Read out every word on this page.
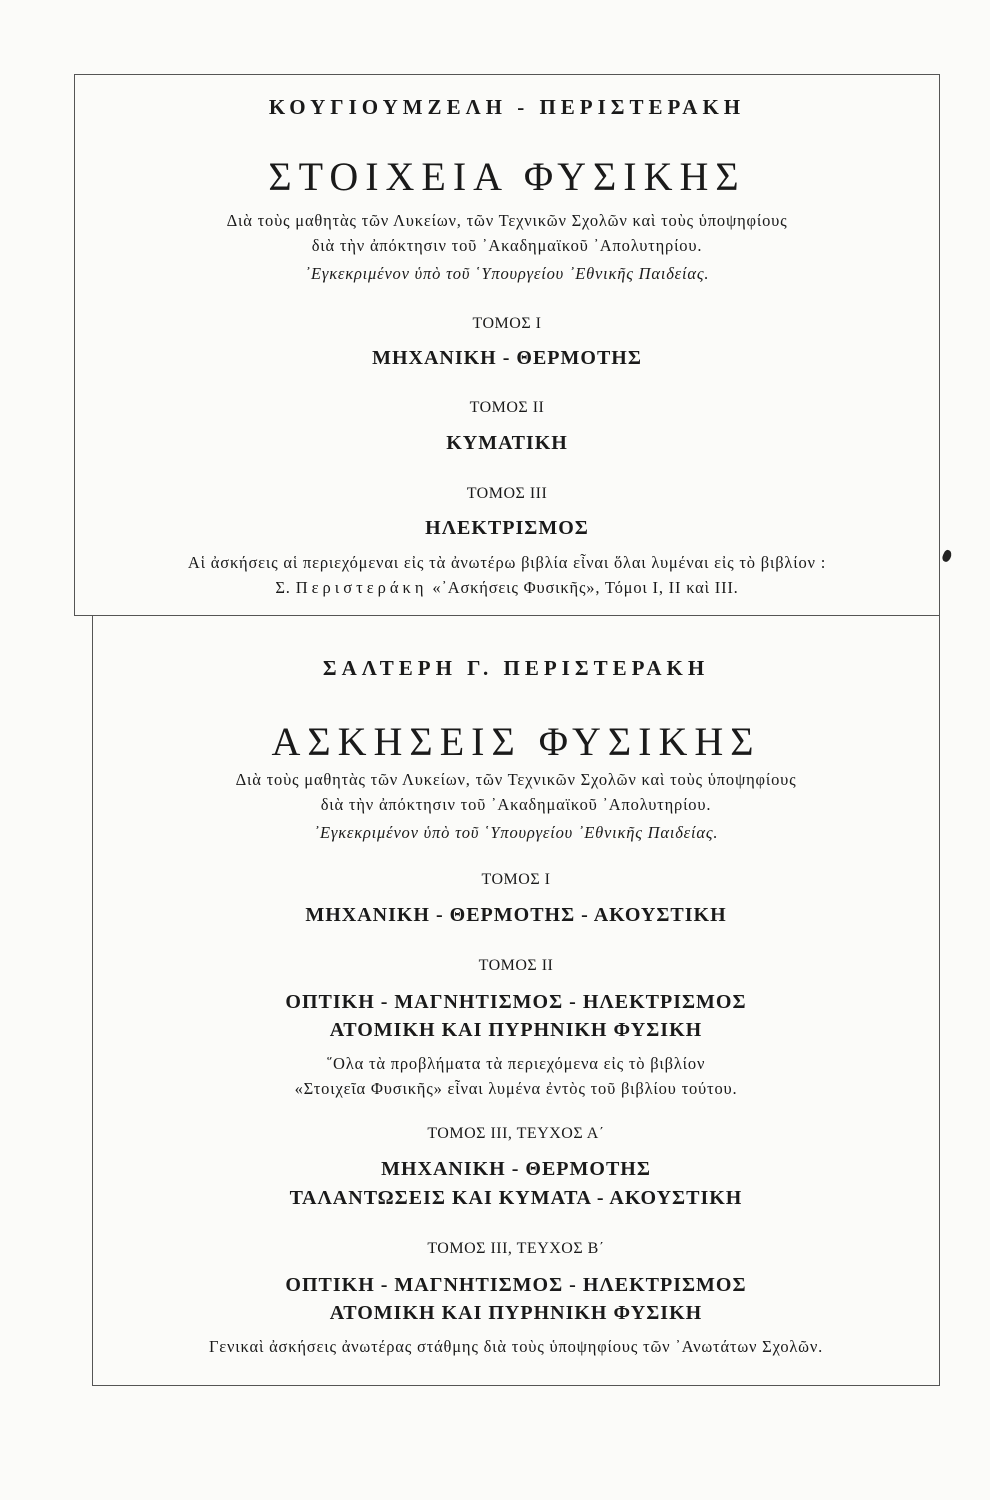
ΚΟΥΓΙΟΥΜΖΕΛΗ - ΠΕΡΙΣΤΕΡΑΚΗ
ΣΤΟΙΧΕΙΑ ΦΥΣΙΚΗΣ
Διὰ τοὺς μαθητὰς τῶν Λυκείων, τῶν Τεχνικῶν Σχολῶν καὶ τοὺς ὑποψηφίους
διὰ τὴν ἀπόκτησιν τοῦ ᾿Ακαδημαϊκοῦ ᾿Απολυτηρίου.
᾿Εγκεκριμένον ὑπὸ τοῦ ῾Υπουργείου ᾿Εθνικῆς Παιδείας.
ΤΟΜΟΣ Ι
ΜΗΧΑΝΙΚΗ - ΘΕΡΜΟΤΗΣ
ΤΟΜΟΣ ΙΙ
ΚΥΜΑΤΙΚΗ
ΤΟΜΟΣ ΙΙΙ
ΗΛΕΚΤΡΙΣΜΟΣ
Αἱ ἀσκήσεις αἱ περιεχόμεναι εἰς τὰ ἀνωτέρω βιβλία εἶναι ὅλαι λυμέναι εἰς τὸ βιβλίον :
Σ. Περιστεράκη «᾿Ασκήσεις Φυσικῆς», Τόμοι Ι, ΙΙ καὶ ΙΙΙ.
ΣΑΛΤΕΡΗ Γ. ΠΕΡΙΣΤΕΡΑΚΗ
ΑΣΚΗΣΕΙΣ ΦΥΣΙΚΗΣ
Διὰ τοὺς μαθητὰς τῶν Λυκείων, τῶν Τεχνικῶν Σχολῶν καὶ τοὺς ὑποψηφίους
διὰ τὴν ἀπόκτησιν τοῦ ᾿Ακαδημαϊκοῦ ᾿Απολυτηρίου.
᾿Εγκεκριμένον ὑπὸ τοῦ ῾Υπουργείου ᾿Εθνικῆς Παιδείας.
ΤΟΜΟΣ Ι
ΜΗΧΑΝΙΚΗ - ΘΕΡΜΟΤΗΣ - ΑΚΟΥΣΤΙΚΗ
ΤΟΜΟΣ ΙΙ
ΟΠΤΙΚΗ - ΜΑΓΝΗΤΙΣΜΟΣ - ΗΛΕΚΤΡΙΣΜΟΣ
ΑΤΟΜΙΚΗ ΚΑΙ ΠΥΡΗΝΙΚΗ ΦΥΣΙΚΗ
῞Ολα τὰ προβλήματα τὰ περιεχόμενα εἰς τὸ βιβλίον
«Στοιχεῖα Φυσικῆς» εἶναι λυμένα ἐντὸς τοῦ βιβλίου τούτου.
ΤΟΜΟΣ ΙΙΙ, ΤΕΥΧΟΣ Α΄
ΜΗΧΑΝΙΚΗ - ΘΕΡΜΟΤΗΣ
ΤΑΛΑΝΤΩΣΕΙΣ ΚΑΙ ΚΥΜΑΤΑ - ΑΚΟΥΣΤΙΚΗ
ΤΟΜΟΣ ΙΙΙ, ΤΕΥΧΟΣ Β΄
ΟΠΤΙΚΗ - ΜΑΓΝΗΤΙΣΜΟΣ - ΗΛΕΚΤΡΙΣΜΟΣ
ΑΤΟΜΙΚΗ ΚΑΙ ΠΥΡΗΝΙΚΗ ΦΥΣΙΚΗ
Γενικαὶ ἀσκήσεις ἀνωτέρας στάθμης διὰ τοὺς ὑποψηφίους τῶν ᾿Ανωτάτων Σχολῶν.
